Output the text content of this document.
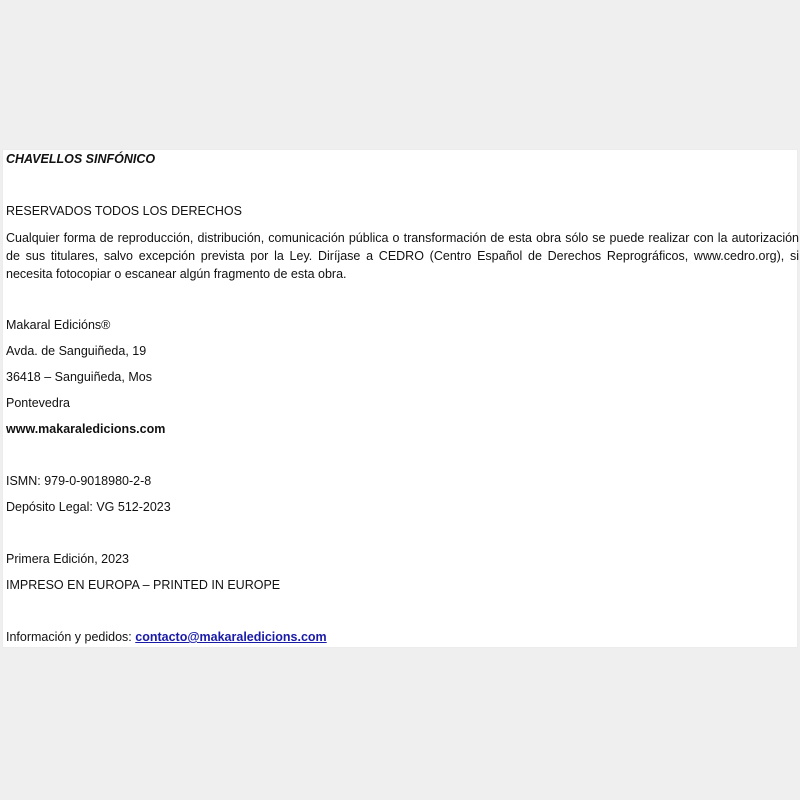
CHAVELLOS SINFÓNICO
RESERVADOS TODOS LOS DERECHOS
Cualquier forma de reproducción, distribución, comunicación pública o transformación de esta obra sólo se puede realizar con la autorización de sus titulares, salvo excepción prevista por la Ley. Diríjase a CEDRO (Centro Español de Derechos Reprográficos, www.cedro.org), si necesita fotocopiar o escanear algún fragmento de esta obra.
Makaral Edicións®
Avda. de Sanguiñeda, 19
36418 – Sanguiñeda, Mos
Pontevedra
www.makaraledicions.com
ISMN: 979-0-9018980-2-8
Depósito Legal: VG 512-2023
Primera Edición, 2023
IMPRESO EN EUROPA – PRINTED IN EUROPE
Información y pedidos: contacto@makaraledicions.com
